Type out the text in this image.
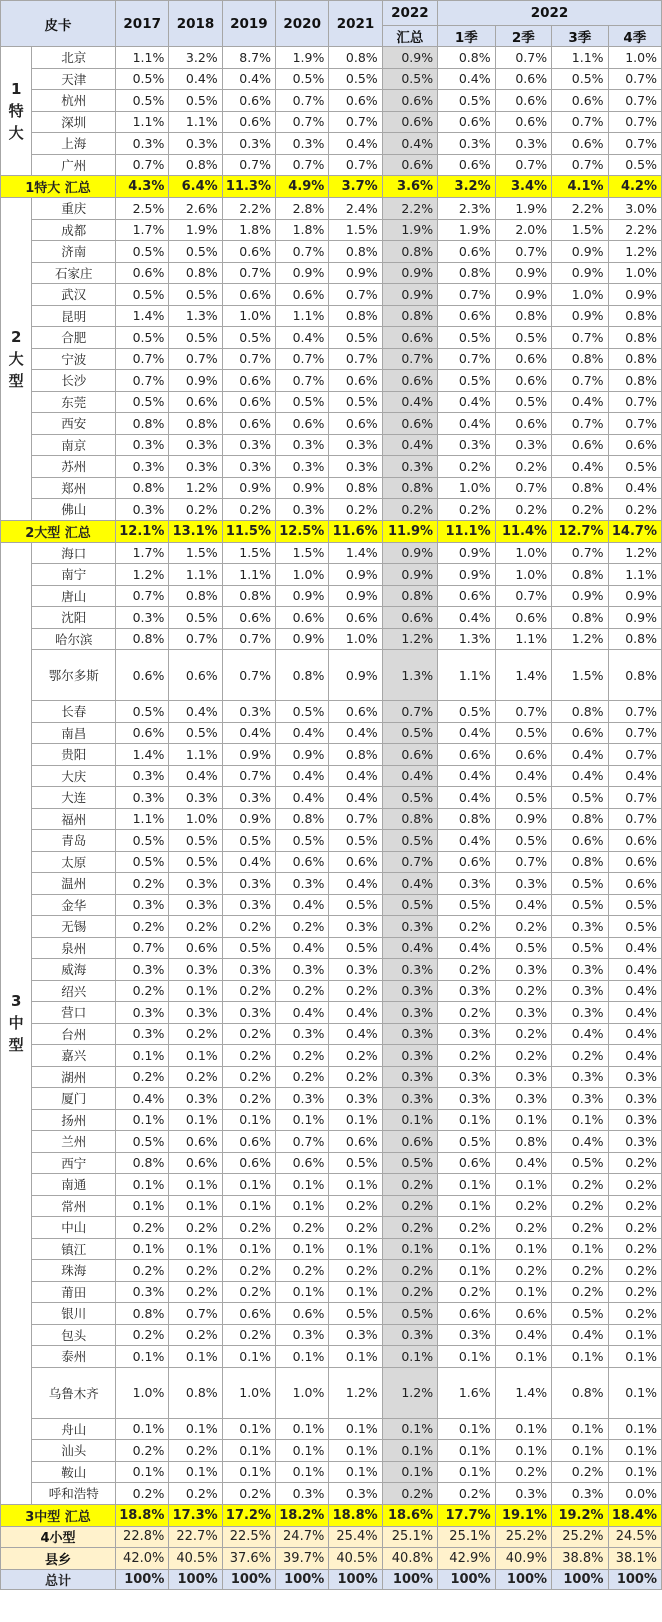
皮卡		2017	2018	2019	2020	2021	2022	2022			
							汇总	1季	2季	3季	4季
1
特
大	北京	1.1%	3.2%	8.7%	1.9%	0.8%	0.9%	0.8%	0.7%	1.1%	1.0%
	天津	0.5%	0.4%	0.4%	0.5%	0.5%	0.5%	0.4%	0.6%	0.5%	0.7%
	杭州	0.5%	0.5%	0.6%	0.7%	0.6%	0.6%	0.5%	0.6%	0.6%	0.7%
	深圳	1.1%	1.1%	0.6%	0.7%	0.7%	0.6%	0.6%	0.6%	0.7%	0.7%
	上海	0.3%	0.3%	0.3%	0.3%	0.4%	0.4%	0.3%	0.3%	0.6%	0.7%
	广州	0.7%	0.8%	0.7%	0.7%	0.7%	0.6%	0.6%	0.7%	0.7%	0.5%
1特大 汇总		4.3%	6.4%	11.3%	4.9%	3.7%	3.6%	3.2%	3.4%	4.1%	4.2%
2
大
型	重庆	2.5%	2.6%	2.2%	2.8%	2.4%	2.2%	2.3%	1.9%	2.2%	3.0%
	成都	1.7%	1.9%	1.8%	1.8%	1.5%	1.9%	1.9%	2.0%	1.5%	2.2%
	济南	0.5%	0.5%	0.6%	0.7%	0.8%	0.8%	0.6%	0.7%	0.9%	1.2%
	石家庄	0.6%	0.8%	0.7%	0.9%	0.9%	0.9%	0.8%	0.9%	0.9%	1.0%
	武汉	0.5%	0.5%	0.6%	0.6%	0.7%	0.9%	0.7%	0.9%	1.0%	0.9%
	昆明	1.4%	1.3%	1.0%	1.1%	0.8%	0.8%	0.6%	0.8%	0.9%	0.8%
	合肥	0.5%	0.5%	0.5%	0.4%	0.5%	0.6%	0.5%	0.5%	0.7%	0.8%
	宁波	0.7%	0.7%	0.7%	0.7%	0.7%	0.7%	0.7%	0.6%	0.8%	0.8%
	长沙	0.7%	0.9%	0.6%	0.7%	0.6%	0.6%	0.5%	0.6%	0.7%	0.8%
	东莞	0.5%	0.6%	0.6%	0.5%	0.5%	0.4%	0.4%	0.5%	0.4%	0.7%
	西安	0.8%	0.8%	0.6%	0.6%	0.6%	0.6%	0.4%	0.6%	0.7%	0.7%
	南京	0.3%	0.3%	0.3%	0.3%	0.3%	0.4%	0.3%	0.3%	0.6%	0.6%
	苏州	0.3%	0.3%	0.3%	0.3%	0.3%	0.3%	0.2%	0.2%	0.4%	0.5%
	郑州	0.8%	1.2%	0.9%	0.9%	0.8%	0.8%	1.0%	0.7%	0.8%	0.4%
	佛山	0.3%	0.2%	0.2%	0.3%	0.2%	0.2%	0.2%	0.2%	0.2%	0.2%
2大型 汇总		12.1%	13.1%	11.5%	12.5%	11.6%	11.9%	11.1%	11.4%	12.7%	14.7%
3
中
型	海口	1.7%	1.5%	1.5%	1.5%	1.4%	0.9%	0.9%	1.0%	0.7%	1.2%
	南宁	1.2%	1.1%	1.1%	1.0%	0.9%	0.9%	0.9%	1.0%	0.8%	1.1%
	唐山	0.7%	0.8%	0.8%	0.9%	0.9%	0.8%	0.6%	0.7%	0.9%	0.9%
	沈阳	0.3%	0.5%	0.6%	0.6%	0.6%	0.6%	0.4%	0.6%	0.8%	0.9%
	哈尔滨	0.8%	0.7%	0.7%	0.9%	1.0%	1.2%	1.3%	1.1%	1.2%	0.8%
	鄂尔多斯	0.6%	0.6%	0.7%	0.8%	0.9%	1.3%	1.1%	1.4%	1.5%	0.8%
	长春	0.5%	0.4%	0.3%	0.5%	0.6%	0.7%	0.5%	0.7%	0.8%	0.7%
	南昌	0.6%	0.5%	0.4%	0.4%	0.4%	0.5%	0.4%	0.5%	0.6%	0.7%
	贵阳	1.4%	1.1%	0.9%	0.9%	0.8%	0.6%	0.6%	0.6%	0.4%	0.7%
	大庆	0.3%	0.4%	0.7%	0.4%	0.4%	0.4%	0.4%	0.4%	0.4%	0.4%
	大连	0.3%	0.3%	0.3%	0.4%	0.4%	0.5%	0.4%	0.5%	0.5%	0.7%
	福州	1.1%	1.0%	0.9%	0.8%	0.7%	0.8%	0.8%	0.9%	0.8%	0.7%
	青岛	0.5%	0.5%	0.5%	0.5%	0.5%	0.5%	0.4%	0.5%	0.6%	0.6%
	太原	0.5%	0.5%	0.4%	0.6%	0.6%	0.7%	0.6%	0.7%	0.8%	0.6%
	温州	0.2%	0.3%	0.3%	0.3%	0.4%	0.4%	0.3%	0.3%	0.5%	0.6%
	金华	0.3%	0.3%	0.3%	0.4%	0.5%	0.5%	0.5%	0.4%	0.5%	0.5%
	无锡	0.2%	0.2%	0.2%	0.2%	0.3%	0.3%	0.2%	0.2%	0.3%	0.5%
	泉州	0.7%	0.6%	0.5%	0.4%	0.5%	0.4%	0.4%	0.5%	0.5%	0.4%
	威海	0.3%	0.3%	0.3%	0.3%	0.3%	0.3%	0.2%	0.3%	0.3%	0.4%
	绍兴	0.2%	0.1%	0.2%	0.2%	0.2%	0.3%	0.3%	0.2%	0.3%	0.4%
	营口	0.3%	0.3%	0.3%	0.4%	0.4%	0.3%	0.2%	0.3%	0.3%	0.4%
	台州	0.3%	0.2%	0.2%	0.3%	0.4%	0.3%	0.3%	0.2%	0.4%	0.4%
	嘉兴	0.1%	0.1%	0.2%	0.2%	0.2%	0.3%	0.2%	0.2%	0.2%	0.4%
	湖州	0.2%	0.2%	0.2%	0.2%	0.2%	0.3%	0.3%	0.3%	0.3%	0.3%
	厦门	0.4%	0.3%	0.2%	0.3%	0.3%	0.3%	0.3%	0.3%	0.3%	0.3%
	扬州	0.1%	0.1%	0.1%	0.1%	0.1%	0.1%	0.1%	0.1%	0.1%	0.3%
	兰州	0.5%	0.6%	0.6%	0.7%	0.6%	0.6%	0.5%	0.8%	0.4%	0.3%
	西宁	0.8%	0.6%	0.6%	0.6%	0.5%	0.5%	0.6%	0.4%	0.5%	0.2%
	南通	0.1%	0.1%	0.1%	0.1%	0.1%	0.2%	0.1%	0.1%	0.2%	0.2%
	常州	0.1%	0.1%	0.1%	0.1%	0.2%	0.2%	0.1%	0.2%	0.2%	0.2%
	中山	0.2%	0.2%	0.2%	0.2%	0.2%	0.2%	0.2%	0.2%	0.2%	0.2%
	镇江	0.1%	0.1%	0.1%	0.1%	0.1%	0.1%	0.1%	0.1%	0.1%	0.2%
	珠海	0.2%	0.2%	0.2%	0.2%	0.2%	0.2%	0.1%	0.2%	0.2%	0.2%
	莆田	0.3%	0.2%	0.2%	0.1%	0.1%	0.2%	0.2%	0.1%	0.2%	0.2%
	银川	0.8%	0.7%	0.6%	0.6%	0.5%	0.5%	0.6%	0.6%	0.5%	0.2%
	包头	0.2%	0.2%	0.2%	0.3%	0.3%	0.3%	0.3%	0.4%	0.4%	0.1%
	泰州	0.1%	0.1%	0.1%	0.1%	0.1%	0.1%	0.1%	0.1%	0.1%	0.1%
	乌鲁木齐	1.0%	0.8%	1.0%	1.0%	1.2%	1.2%	1.6%	1.4%	0.8%	0.1%
	舟山	0.1%	0.1%	0.1%	0.1%	0.1%	0.1%	0.1%	0.1%	0.1%	0.1%
	汕头	0.2%	0.2%	0.1%	0.1%	0.1%	0.1%	0.1%	0.1%	0.1%	0.1%
	鞍山	0.1%	0.1%	0.1%	0.1%	0.1%	0.1%	0.1%	0.2%	0.2%	0.1%
	呼和浩特	0.2%	0.2%	0.2%	0.3%	0.3%	0.2%	0.2%	0.3%	0.3%	0.0%
3中型 汇总		18.8%	17.3%	17.2%	18.2%	18.8%	18.6%	17.7%	19.1%	19.2%	18.4%
4小型		22.8%	22.7%	22.5%	24.7%	25.4%	25.1%	25.1%	25.2%	25.2%	24.5%
县乡		42.0%	40.5%	37.6%	39.7%	40.5%	40.8%	42.9%	40.9%	38.8%	38.1%
总计		100%	100%	100%	100%	100%	100%	100%	100%	100%	100%
